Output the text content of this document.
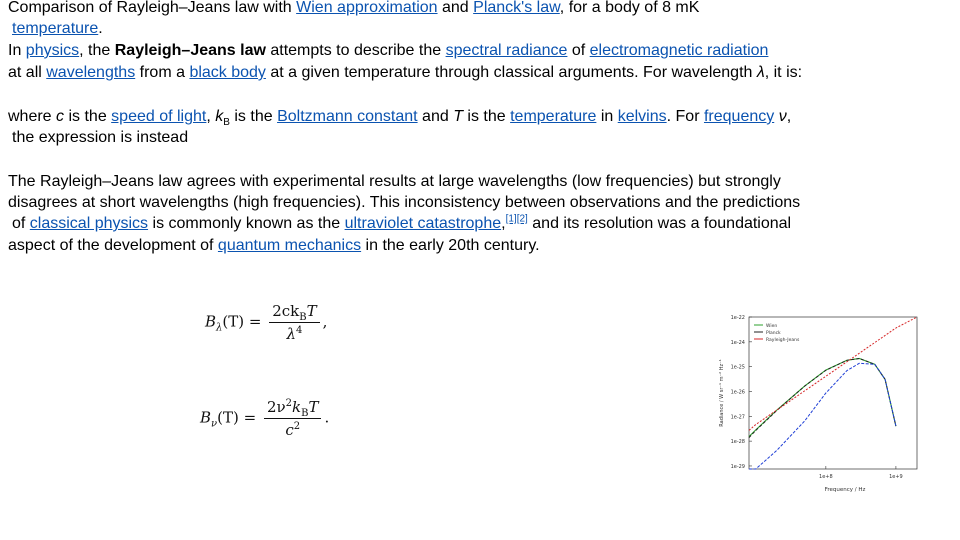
Comparison of Rayleigh–Jeans law with Wien approximation and Planck's law, for a body of 8 mK
temperature.
In physics, the Rayleigh–Jeans law attempts to describe the spectral radiance of electromagnetic radiation
at all wavelengths from a black body at a given temperature through classical arguments. For wavelength λ, it is:
where c is the speed of light, $k_B$ is the Boltzmann constant and T is the temperature in kelvins. For frequency ν,
the expression is instead
The Rayleigh–Jeans law agrees with experimental results at large wavelengths (low frequencies) but strongly
disagrees at short wavelengths (high frequencies). This inconsistency between observations and the predictions
of classical physics is commonly known as the ultraviolet catastrophe,[1][2] and its resolution was a foundational
aspect of the development of quantum mechanics in the early 20th century.
$B_\lambda(T) = \frac{2ck_BT}{\lambda^4}$ ,
$B_\nu(T) = \frac{2\nu^2k_BT}{c^2}$ .
1e-22
1e-24
1e-25
1e-26
1e-27
1e-28
1e-29
1e+8	1e+9
Frequency / Hz
Radiance / W sr⁻¹ m⁻² Hz⁻¹
Wien
Planck
Rayleigh-Jeans
